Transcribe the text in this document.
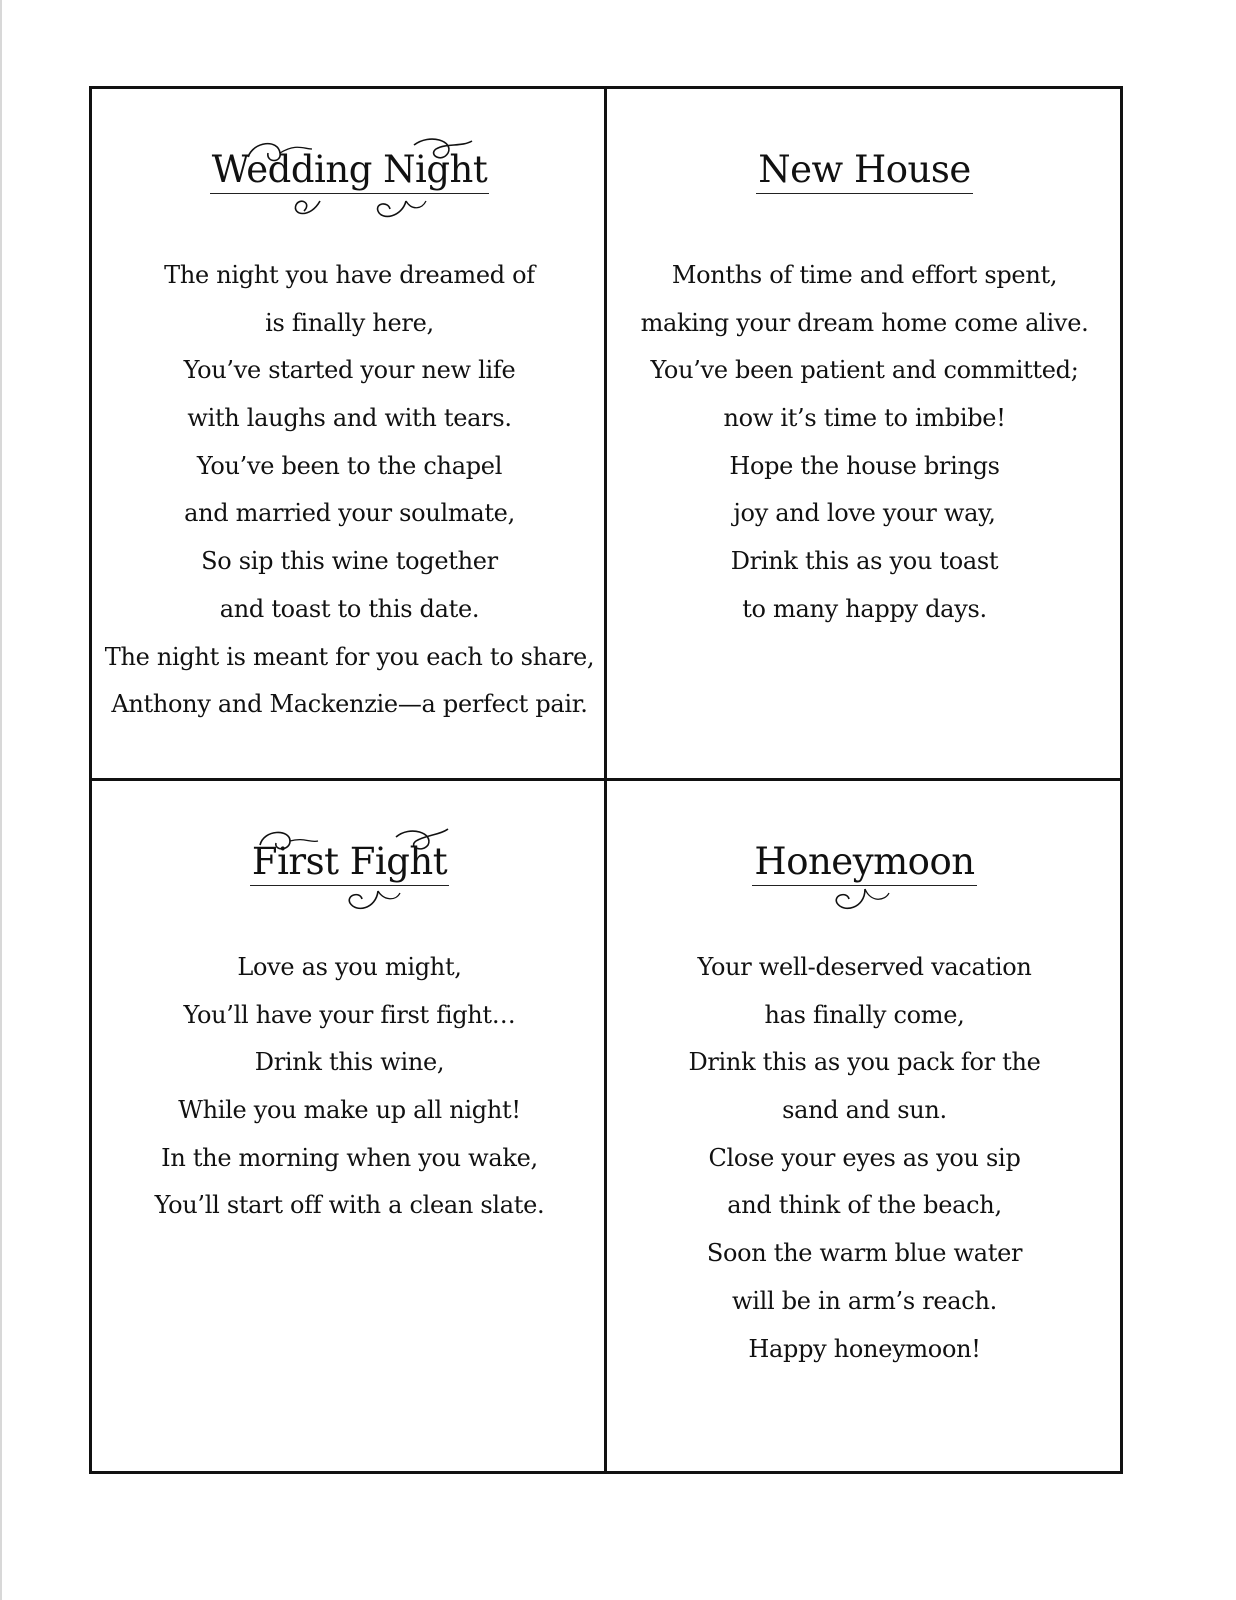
Wedding Night
The night you have dreamed of
is finally here,
You’ve started your new life
with laughs and with tears.
You’ve been to the chapel
and married your soulmate,
So sip this wine together
and toast to this date.
The night is meant for you each to share,
Anthony and Mackenzie—a perfect pair.
New House
Months of time and effort spent,
making your dream home come alive.
You’ve been patient and committed;
now it’s time to imbibe!
Hope the house brings
joy and love your way,
Drink this as you toast
to many happy days.
First Fight
Love as you might,
You’ll have your first fight…
Drink this wine,
While you make up all night!
In the morning when you wake,
You’ll start off with a clean slate.
Honeymoon
Your well-deserved vacation
has finally come,
Drink this as you pack for the
sand and sun.
Close your eyes as you sip
and think of the beach,
Soon the warm blue water
will be in arm’s reach.
Happy honeymoon!
